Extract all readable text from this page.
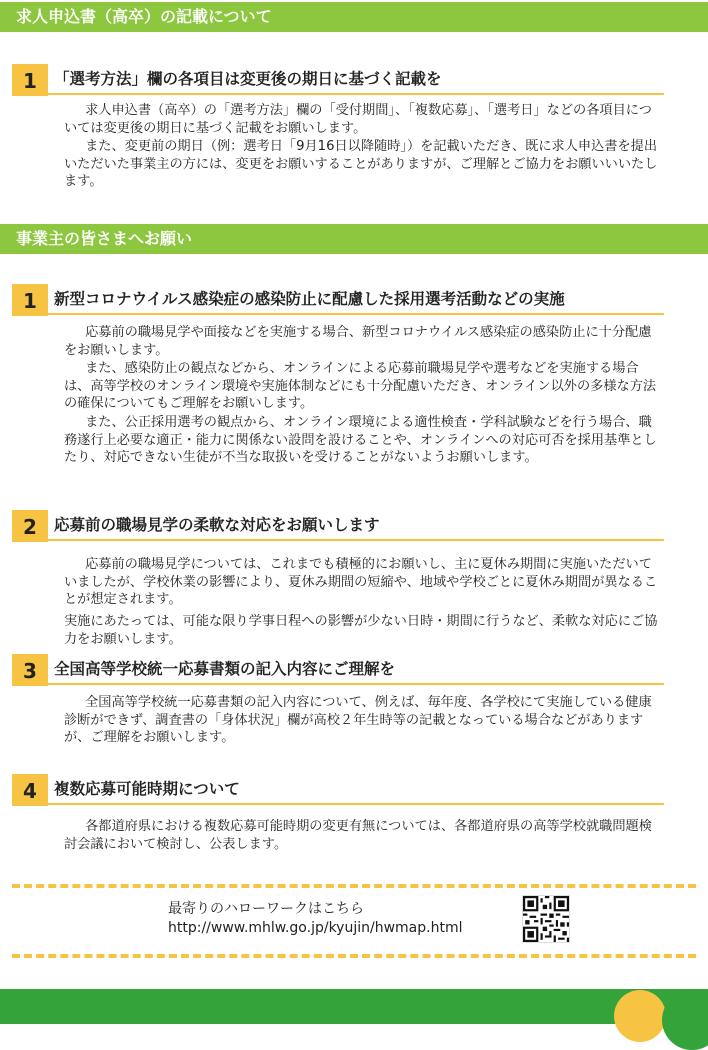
求人申込書（高卒）の記載について
1	「選考方法」欄の各項目は変更後の期日に基づく記載を

求人申込書（高卒）の「選考方法」欄の「受付期間」、「複数応募」、「選考日」などの各項目については変更後の期日に基づく記載をお願いします。

また、変更前の期日（例：選考日「9月16日以降随時」）を記載いただき、既に求人申込書を提出いただいた事業主の方には、変更をお願いすることがありますが、ご理解とご協力をお願いいいたします。

事業主の皆さまへお願い
1	新型コロナウイルス感染症の感染防止に配慮した採用選考活動などの実施

応募前の職場見学や面接などを実施する場合、新型コロナウイルス感染症の感染防止に十分配慮をお願いします。

また、感染防止の観点などから、オンラインによる応募前職場見学や選考などを実施する場合は、高等学校のオンライン環境や実施体制などにも十分配慮いただき、オンライン以外の多様な方法の確保についてもご理解をお願いします。

また、公正採用選考の観点から、オンライン環境による適性検査・学科試験などを行う場合、職務遂行上必要な適正・能力に関係ない設問を設けることや、オンラインへの対応可否を採用基準としたり、対応できない生徒が不当な取扱いを受けることがないようお願いします。

2	応募前の職場見学の柔軟な対応をお願いします

応募前の職場見学については、これまでも積極的にお願いし、主に夏休み期間に実施いただいていましたが、学校休業の影響により、夏休み期間の短縮や、地域や学校ごとに夏休み期間が異なることが想定されます。

実施にあたっては、可能な限り学事日程への影響が少ない日時・期間に行うなど、柔軟な対応にご協力をお願いします。

3	全国高等学校統一応募書類の記入内容にご理解を

全国高等学校統一応募書類の記入内容について、例えば、毎年度、各学校にて実施している健康診断ができず、調査書の「身体状況」欄が高校２年生時等の記載となっている場合などがありますが、ご理解をお願いします。

4	複数応募可能時期について

各都道府県における複数応募可能時期の変更有無については、各都道府県の高等学校就職問題検討会議において検討し、公表します。

最寄りのハローワークはこちら
http://www.mhlw.go.jp/kyujin/hwmap.html
